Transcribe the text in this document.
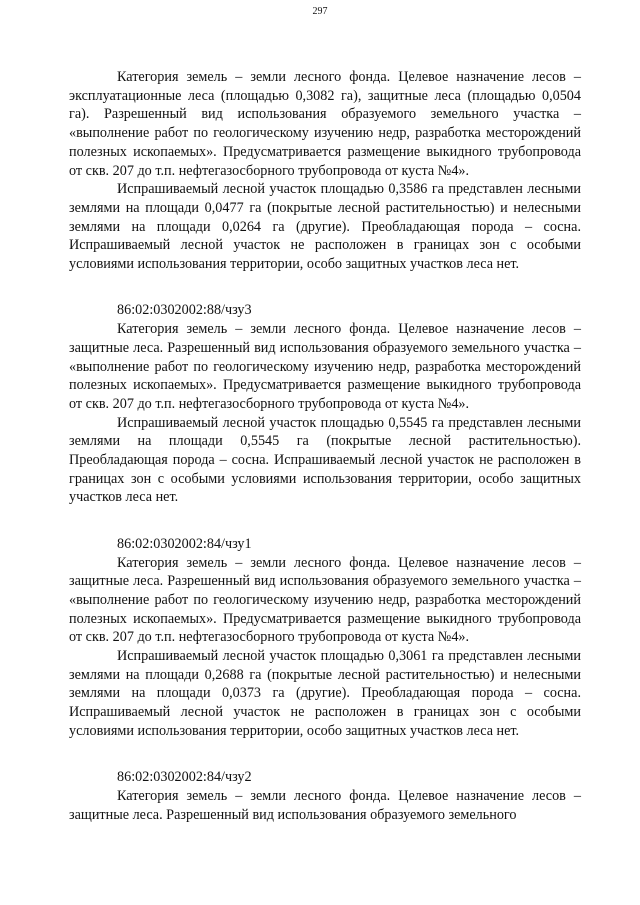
297

Категория земель – земли лесного фонда. Целевое назначение лесов – эксплуатационные леса (площадью 0,3082 га), защитные леса (площадью 0,0504 га). Разрешенный вид использования образуемого земельного участка – «выполнение работ по геологическому изучению недр, разработка месторождений полезных ископаемых». Предусматривается размещение выкидного трубопровода от скв. 207 до т.п. нефтегазосборного трубопровода от куста №4».

Испрашиваемый лесной участок площадью 0,3586 га представлен лесными землями на площади 0,0477 га (покрытые лесной растительностью) и нелесными землями на площади 0,0264 га (другие). Преобладающая порода – сосна. Испрашиваемый лесной участок не расположен в границах зон с особыми условиями использования территории, особо защитных участков леса нет.

86:02:0302002:88/чзу3

Категория земель – земли лесного фонда. Целевое назначение лесов – защитные леса. Разрешенный вид использования образуемого земельного участка – «выполнение работ по геологическому изучению недр, разработка месторождений полезных ископаемых». Предусматривается размещение выкидного трубопровода от скв. 207 до т.п. нефтегазосборного трубопровода от куста №4».

Испрашиваемый лесной участок площадью 0,5545 га представлен лесными землями на площади 0,5545 га (покрытые лесной растительностью). Преобладающая порода – сосна. Испрашиваемый лесной участок не расположен в границах зон с особыми условиями использования территории, особо защитных участков леса нет.

86:02:0302002:84/чзу1

Категория земель – земли лесного фонда. Целевое назначение лесов – защитные леса. Разрешенный вид использования образуемого земельного участка – «выполнение работ по геологическому изучению недр, разработка месторождений полезных ископаемых». Предусматривается размещение выкидного трубопровода от скв. 207 до т.п. нефтегазосборного трубопровода от куста №4».

Испрашиваемый лесной участок площадью 0,3061 га представлен лесными землями на площади 0,2688 га (покрытые лесной растительностью) и нелесными землями на площади 0,0373 га (другие). Преобладающая порода – сосна. Испрашиваемый лесной участок не расположен в границах зон с особыми условиями использования территории, особо защитных участков леса нет.

86:02:0302002:84/чзу2

Категория земель – земли лесного фонда. Целевое назначение лесов – защитные леса. Разрешенный вид использования образуемого земельного
